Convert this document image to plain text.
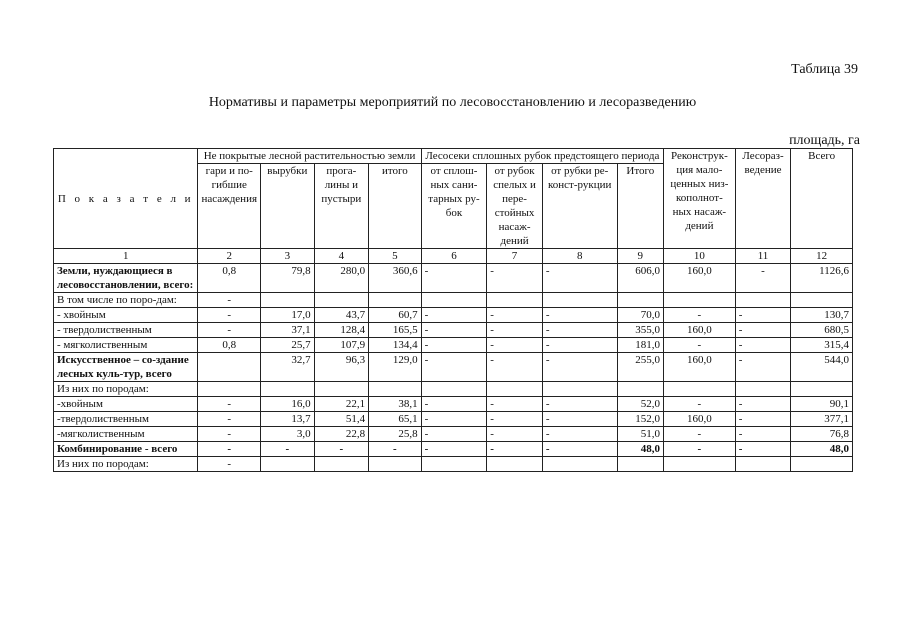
Таблица 39
Нормативы и параметры мероприятий по лесовосстановлению и лесоразведению
площадь, га
П о к а з а т е л и	Не покрытые лесной растительностью земли				Лесосеки сплошных рубок предстоящего периода				Реконструк-ция мало-ценных низ-кополнот-ных насаж-дений	Лесораз-ведение	Всего
	гари и по-гибшие насаждения	вырубки	прога-лины и пустыри	итого	от сплош-ных сани-тарных ру-бок	от рубок спелых и пере-стойных насаж-дений	от рубки ре-конст-рукции	Итого			
1	2	3	4	5	6	7	8	9	10	11	12
Земли, нуждающиеся в лесовосстановлении, всего:	0,8	79,8	280,0	360,6	-	-	-	606,0	160,0	-	1126,6
В том числе по поро-дам:	-										
- хвойным	-	17,0	43,7	60,7	-	-	-	70,0	-	-	130,7
- твердолиственным	-	37,1	128,4	165,5	-	-	-	355,0	160,0	-	680,5
- мягколиственным	0,8	25,7	107,9	134,4	-	-	-	181,0	-	-	315,4
Искусственное – со-здание лесных куль-тур, всего		32,7	96,3	129,0	-	-	-	255,0	160,0	-	544,0
Из них по породам:											
-хвойным	-	16,0	22,1	38,1	-	-	-	52,0	-	-	90,1
-твердолиственным	-	13,7	51,4	65,1	-	-	-	152,0	160,0	-	377,1
-мягколиственным	-	3,0	22,8	25,8	-	-	-	51,0	-	-	76,8
Комбинирование - всего	-	-	-	-	-	-	-	48,0	-	-	48,0
Из них по породам:	-										
